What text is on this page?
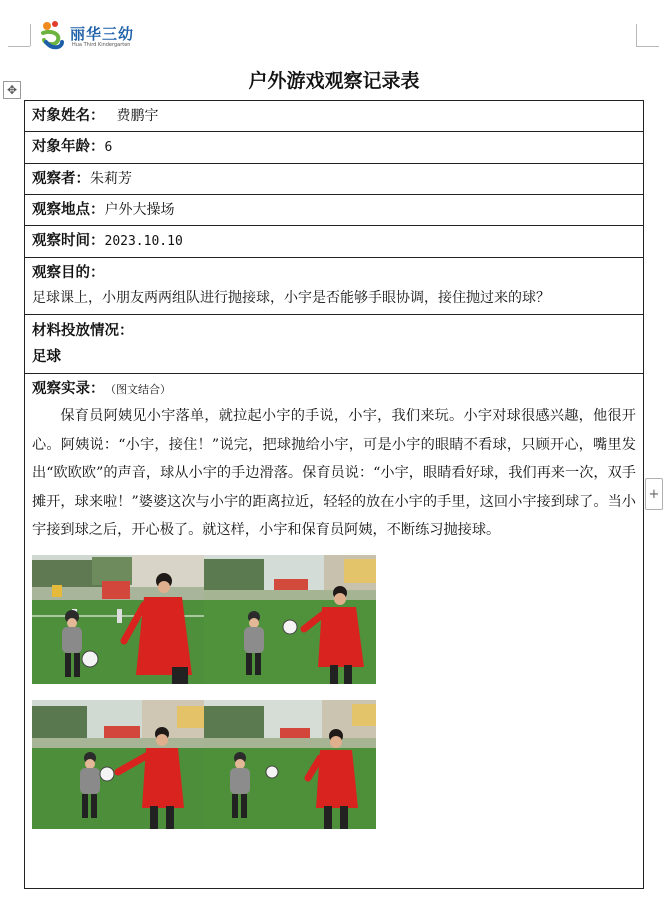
丽华三幼
Hua Third Kindergarten
✥	户外游戏观察记录表
对象姓名： 费鹏宇
对象年龄：6
观察者：朱莉芳
观察地点：户外大操场
观察时间：2023.10.10

观察目的：
足球课上，小朋友两两组队进行抛接球，小宇是否能够手眼协调，接住抛过来的球？

材料投放情况：
足球

观察实录： （图文结合）

保育员阿姨见小宇落单，就拉起小宇的手说，小宇，我们来玩。小宇对球很感兴趣，他很开心。阿姨说：“小宇，接住！”说完，把球抛给小宇，可是小宇的眼睛不看球，只顾开心，嘴里发出“欧欧欧”的声音，球从小宇的手边滑落。保育员说：“小宇，眼睛看好球，我们再来一次，双手摊开，球来啦！”婆婆这次与小宇的距离拉近，轻轻的放在小宇的手里，这回小宇接到球了。当小宇接到球之后，开心极了。就这样，小宇和保育员阿姨，不断练习抛接球。

+
